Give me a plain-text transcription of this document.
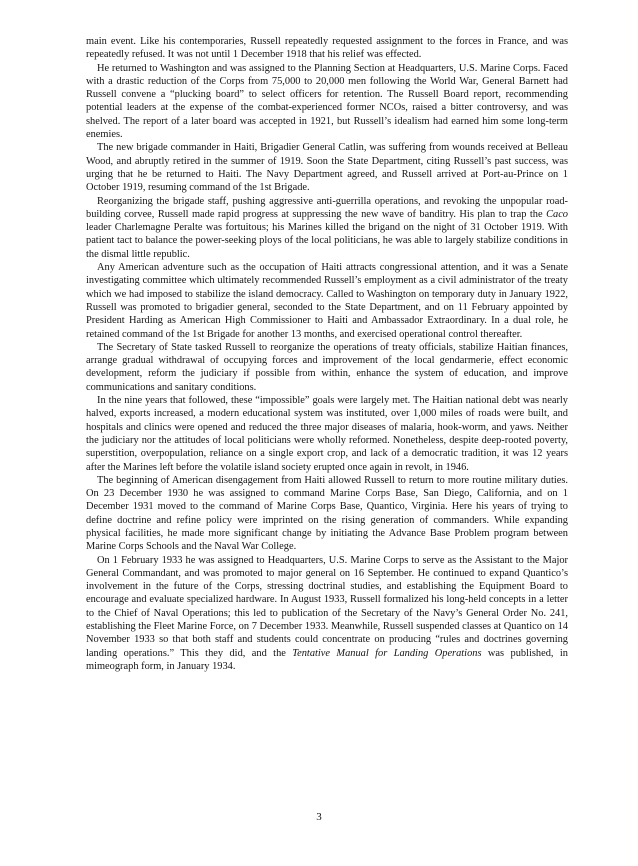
main event. Like his contemporaries, Russell repeatedly requested assignment to the forces in France, and was repeatedly refused. It was not until 1 December 1918 that his relief was effected.

He returned to Washington and was assigned to the Planning Section at Headquarters, U.S. Marine Corps. Faced with a drastic reduction of the Corps from 75,000 to 20,000 men following the World War, General Barnett had Russell convene a “plucking board” to select officers for retention. The Russell Board report, recommending potential leaders at the expense of the combat-experienced former NCOs, raised a bitter controversy, and was shelved. The report of a later board was accepted in 1921, but Russell’s idealism had earned him some long-term enemies.

The new brigade commander in Haiti, Brigadier General Catlin, was suffering from wounds received at Belleau Wood, and abruptly retired in the summer of 1919. Soon the State Department, citing Russell’s past success, was urging that he be returned to Haiti. The Navy Department agreed, and Russell arrived at Port-au-Prince on 1 October 1919, resuming command of the 1st Brigade.

Reorganizing the brigade staff, pushing aggressive anti-guerrilla operations, and revoking the unpopular road-building corvee, Russell made rapid progress at suppressing the new wave of banditry. His plan to trap the Caco leader Charlemagne Peralte was fortuitous; his Marines killed the brigand on the night of 31 October 1919. With patient tact to balance the power-seeking ploys of the local politicians, he was able to largely stabilize conditions in the dismal little republic.

Any American adventure such as the occupation of Haiti attracts congressional attention, and it was a Senate investigating committee which ultimately recommended Russell’s employment as a civil administrator of the treaty which we had imposed to stabilize the island democracy. Called to Washington on temporary duty in January 1922, Russell was promoted to brigadier general, seconded to the State Department, and on 11 February appointed by President Harding as American High Commissioner to Haiti and Ambassador Extraordinary. In a dual role, he retained command of the 1st Brigade for another 13 months, and exercised operational control thereafter.

The Secretary of State tasked Russell to reorganize the operations of treaty officials, stabilize Haitian finances, arrange gradual withdrawal of occupying forces and improvement of the local gendarmerie, effect economic development, reform the judiciary if possible from within, enhance the system of education, and improve communications and sanitary conditions.

In the nine years that followed, these “impossible” goals were largely met. The Haitian national debt was nearly halved, exports increased, a modern educational system was instituted, over 1,000 miles of roads were built, and hospitals and clinics were opened and reduced the three major diseases of malaria, hook-worm, and yaws. Neither the judiciary nor the attitudes of local politicians were wholly reformed. Nonetheless, despite deep-rooted poverty, superstition, overpopulation, reliance on a single export crop, and lack of a democratic tradition, it was 12 years after the Marines left before the volatile island society erupted once again in revolt, in 1946.

The beginning of American disengagement from Haiti allowed Russell to return to more routine military duties. On 23 December 1930 he was assigned to command Marine Corps Base, San Diego, California, and on 1 December 1931 moved to the command of Marine Corps Base, Quantico, Virginia. Here his years of trying to define doctrine and refine policy were imprinted on the rising generation of commanders. While expanding physical facilities, he made more significant change by initiating the Advance Base Problem program between Marine Corps Schools and the Naval War College.

On 1 February 1933 he was assigned to Headquarters, U.S. Marine Corps to serve as the Assistant to the Major General Commandant, and was promoted to major general on 16 September. He continued to expand Quantico’s involvement in the future of the Corps, stressing doctrinal studies, and establishing the Equipment Board to encourage and evaluate specialized hardware. In August 1933, Russell formalized his long-held concepts in a letter to the Chief of Naval Operations; this led to publication of the Secretary of the Navy’s General Order No. 241, establishing the Fleet Marine Force, on 7 December 1933. Meanwhile, Russell suspended classes at Quantico on 14 November 1933 so that both staff and students could concentrate on producing “rules and doctrines governing landing operations.” This they did, and the Tentative Manual for Landing Operations was published, in mimeograph form, in January 1934.

3
